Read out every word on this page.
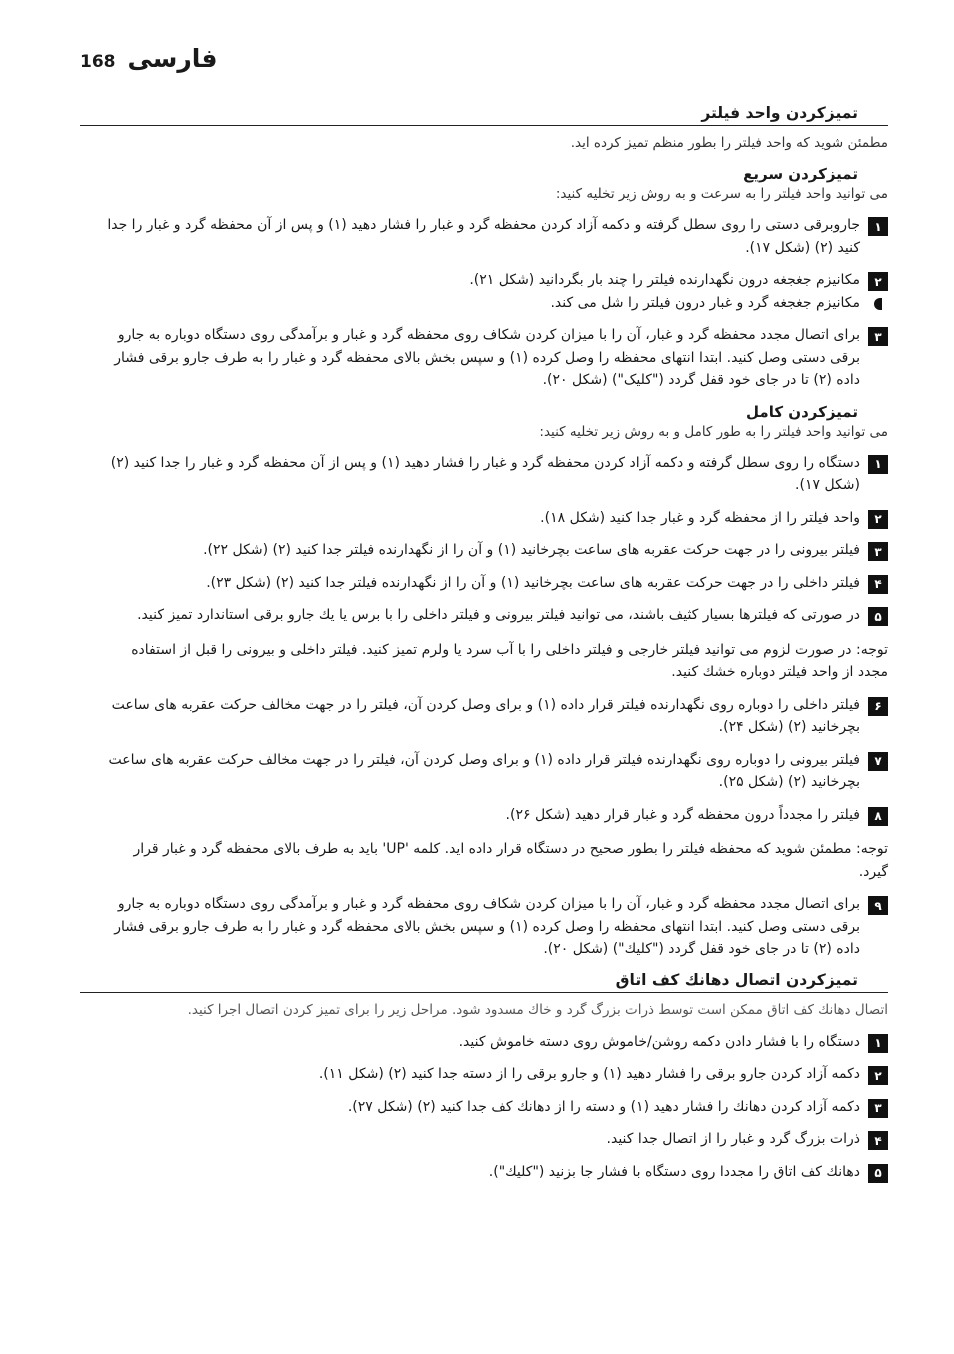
168 فارسی
تمیزکردن واحد فیلتر

مطمئن شوید که واحد فیلتر را بطور منظم تمیز کرده اید.

تمیزکردن سریع

می توانید واحد فیلتر را به سرعت و به روش زیر تخلیه کنید:

۱
جاروبرقی دستی را روی سطل گرفته و دکمه آزاد کردن محفظه گرد و غبار را فشار دهید (۱) و پس از آن محفظه گرد و غبار را جدا کنید (۲) (شکل ۱۷).
۲
مکانیزم جغجغه درون نگهدارنده فیلتر را چند بار بگردانید (شکل ۲۱).
مکانیزم جغجغه گرد و غبار درون فیلتر را شل می کند.
۳
برای اتصال مجدد محفظه گرد و غبار، آن را با میزان کردن شکاف روی محفظه گرد و غبار و برآمدگی روی دستگاه دوباره به جارو برقی دستی وصل کنید. ابتدا انتهای محفظه را وصل کرده (۱) و سپس بخش بالای محفظه گرد و غبار را به طرف جارو برقی فشار داده (۲) تا در جای خود قفل گردد ("کلیک") (شکل ۲۰).
تمیزکردن کامل

می توانید واحد فیلتر را به طور کامل و به روش زیر تخلیه کنید:

۱
دستگاه را روی سطل گرفته و دکمه آزاد کردن محفظه گرد و غبار را فشار دهید (۱) و پس از آن محفظه گرد و غبار را جدا کنید (۲) (شکل ۱۷).
۲
واحد فیلتر را از محفظه گرد و غبار جدا کنید (شکل ۱۸).
۳
فیلتر بیرونی را در جهت حرکت عقربه های ساعت بچرخانید (۱) و آن را از نگهدارنده فیلتر جدا کنید (۲) (شکل ۲۲).
۴
فیلتر داخلی را در جهت حرکت عقربه های ساعت بچرخانید (۱) و آن را از نگهدارنده فیلتر جدا کنید (۲) (شکل ۲۳).
۵
در صورتی که فیلترها بسیار کثیف باشند، می توانید فیلتر بیرونی و فیلتر داخلی را با برس یا یك جارو برقی استاندارد تمیز کنید.

توجه: در صورت لزوم می توانید فیلتر خارجی و فیلتر داخلی را با آب سرد یا ولرم تمیز کنید. فیلتر داخلی و بیرونی را قبل از استفاده مجدد از واحد فیلتر دوباره خشك کنید.

۶
فیلتر داخلی را دوباره روی نگهدارنده فیلتر قرار داده (۱) و برای وصل کردن آن، فیلتر را در جهت مخالف حرکت عقربه های ساعت بچرخانید (۲) (شکل ۲۴).
۷
فیلتر بیرونی را دوباره روی نگهدارنده فیلتر قرار داده (۱) و برای وصل کردن آن، فیلتر را در جهت مخالف حرکت عقربه های ساعت بچرخانید (۲) (شکل ۲۵).
۸
فیلتر را مجدداً درون محفظه گرد و غبار قرار دهید (شکل ۲۶).

توجه: مطمئن شوید که محفظه فیلتر را بطور صحیح در دستگاه قرار داده اید. کلمه 'UP' باید به طرف بالای محفظه گرد و غبار قرار گیرد.

۹
برای اتصال مجدد محفظه گرد و غبار، آن را با میزان کردن شکاف روی محفظه گرد و غبار و برآمدگی روی دستگاه دوباره به جارو برقی دستی وصل کنید. ابتدا انتهای محفظه را وصل کرده (۱) و سپس بخش بالای محفظه گرد و غبار را به طرف جارو برقی فشار داده (۲) تا در جای خود قفل گردد ("کلیك") (شکل ۲۰).
تمیزکردن اتصال دهانك کف اتاق

اتصال دهانك کف اتاق ممکن است توسط ذرات بزرگ گرد و خاك مسدود شود. مراحل زیر را برای تمیز کردن اتصال اجرا کنید.

۱
دستگاه را با فشار دادن دکمه روشن/خاموش روی دسته خاموش کنید.
۲
دکمه آزاد کردن جارو برقی را فشار دهید (۱) و جارو برقی را از دسته جدا کنید (۲) (شکل ۱۱).
۳
دکمه آزاد کردن دهانك را فشار دهید (۱) و دسته را از دهانك کف جدا کنید (۲) (شکل ۲۷).
۴
ذرات بزرگ گرد و غبار را از اتصال جدا کنید.
۵
دهانك کف اتاق را مجددا روی دستگاه با فشار جا بزنید ("کلیك").
